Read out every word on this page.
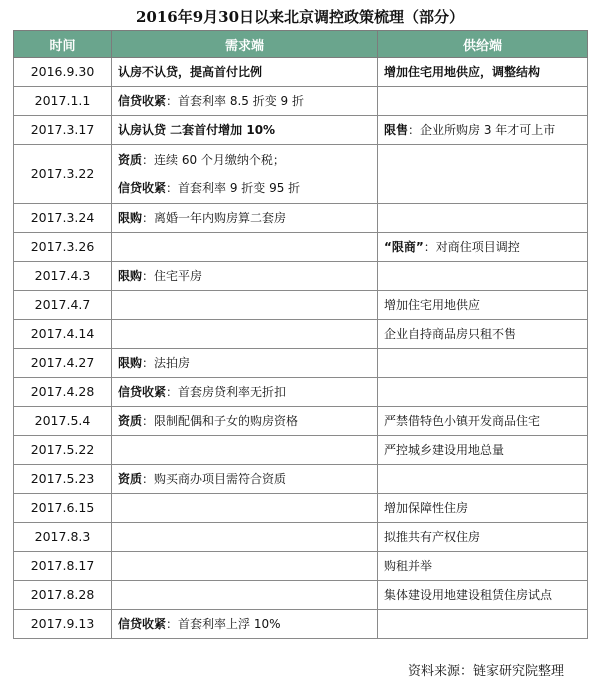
2016年9月30日以来北京调控政策梳理（部分）
时间	需求端	供给端
2016.9.30	认房不认贷，提高首付比例	增加住宅用地供应，调整结构
2017.1.1	信贷收紧：首套利率 8.5 折变 9 折	

2017.3.17	认房认贷 二套首付增加 10%	限售：企业所购房 3 年才可上市
2017.3.22	资质：连续 60 个月缴纳个税；
信贷收紧：首套利率 9 折变 95 折	

2017.3.24	限购：离婚一年内购房算二套房	

2017.3.26		“限商”：对商住项目调控
2017.4.3	限购：住宅平房	

2017.4.7		增加住宅用地供应
2017.4.14		企业自持商品房只租不售
2017.4.27	限购：法拍房	

2017.4.28	信贷收紧：首套房贷利率无折扣	

2017.5.4	资质：限制配偶和子女的购房资格	严禁借特色小镇开发商品住宅
2017.5.22		严控城乡建设用地总量
2017.5.23	资质：购买商办项目需符合资质	

2017.6.15		增加保障性住房
2017.8.3		拟推共有产权住房
2017.8.17		购租并举
2017.8.28		集体建设用地建设租赁住房试点
2017.9.13	信贷收紧：首套利率上浮 10%	

资料来源：链家研究院整理
